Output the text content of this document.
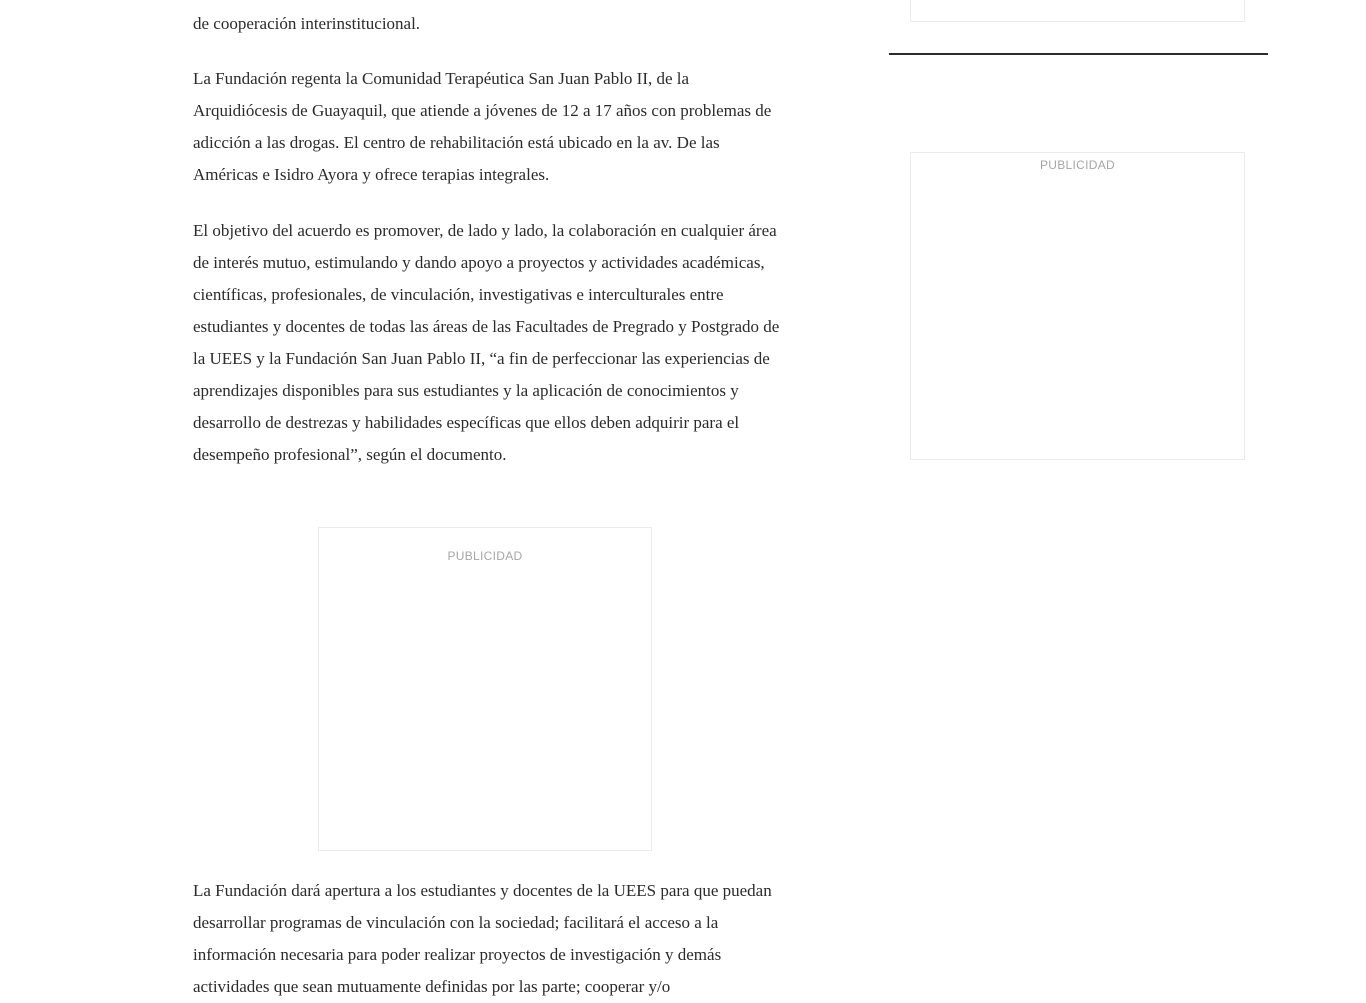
de cooperación interinstitucional.

La Fundación regenta la Comunidad Terapéutica San Juan Pablo II, de la Arquidiócesis de Guayaquil, que atiende a jóvenes de 12 a 17 años con problemas de adicción a las drogas. El centro de rehabilitación está ubicado en la av. De las Américas e Isidro Ayora y ofrece terapias integrales.

El objetivo del acuerdo es promover, de lado y lado, la colaboración en cualquier área de interés mutuo, estimulando y dando apoyo a proyectos y actividades académicas, científicas, profesionales, de vinculación, investigativas e interculturales entre estudiantes y docentes de todas las áreas de las Facultades de Pregrado y Postgrado de la UEES y la Fundación San Juan Pablo II, “a fin de perfeccionar las experiencias de aprendizajes disponibles para sus estudiantes y la aplicación de conocimientos y desarrollo de destrezas y habilidades específicas que ellos deben adquirir para el desempeño profesional”, según el documento.

La Fundación dará apertura a los estudiantes y docentes de la UEES para que puedan desarrollar programas de vinculación con la sociedad; facilitará el acceso a la información necesaria para poder realizar proyectos de investigación y demás actividades que sean mutuamente definidas por las parte; cooperar y/o

PUBLICIDAD
PUBLICIDAD
